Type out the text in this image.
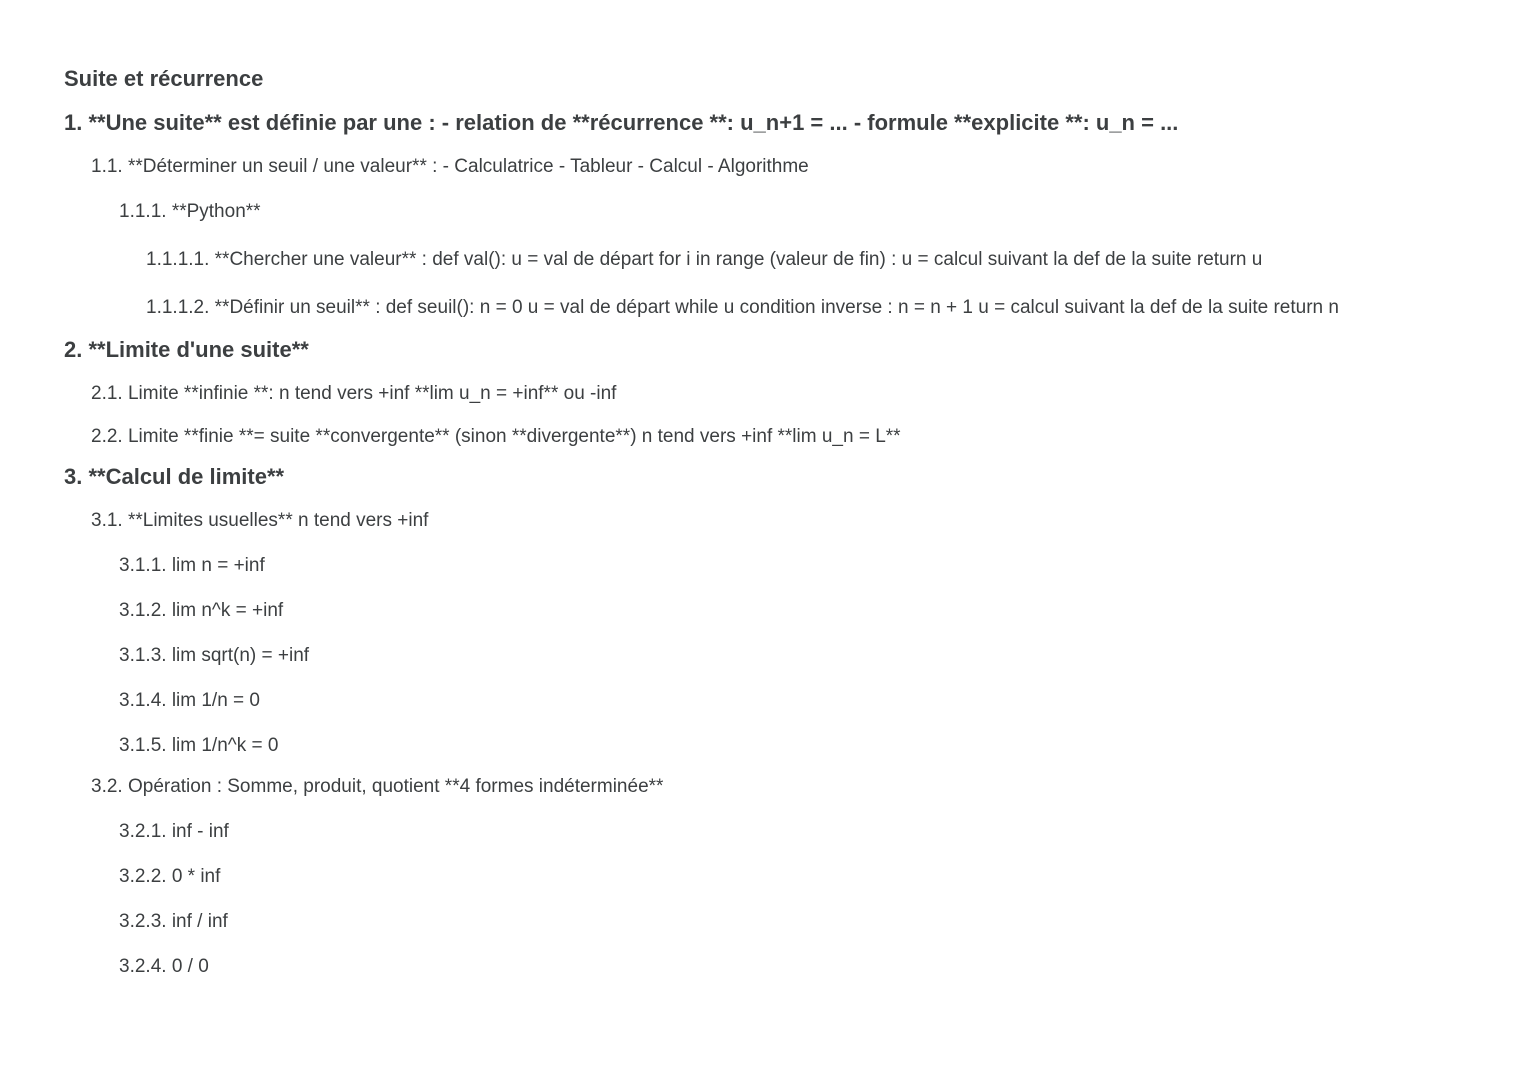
Suite et récurrence
1. **Une suite** est définie par une : - relation de **récurrence **: u_n+1 = ... - formule **explicite **: u_n = ...
1.1. **Déterminer un seuil / une valeur** : - Calculatrice - Tableur - Calcul - Algorithme
1.1.1. **Python**
1.1.1.1. **Chercher une valeur** : def val(): u = val de départ for i in range (valeur de fin) : u = calcul suivant la def de la suite return u
1.1.1.2. **Définir un seuil** : def seuil(): n = 0 u = val de départ while u condition inverse : n = n + 1 u = calcul suivant la def de la suite return n
2. **Limite d'une suite**
2.1. Limite **infinie **: n tend vers +inf **lim u_n = +inf** ou -inf
2.2. Limite **finie **= suite **convergente** (sinon **divergente**) n tend vers +inf **lim u_n = L**
3. **Calcul de limite**
3.1. **Limites usuelles** n tend vers +inf
3.1.1. lim n = +inf
3.1.2. lim n^k = +inf
3.1.3. lim sqrt(n) = +inf
3.1.4. lim 1/n = 0
3.1.5. lim 1/n^k = 0
3.2. Opération : Somme, produit, quotient **4 formes indéterminée**
3.2.1. inf - inf
3.2.2. 0 * inf
3.2.3. inf / inf
3.2.4. 0 / 0
